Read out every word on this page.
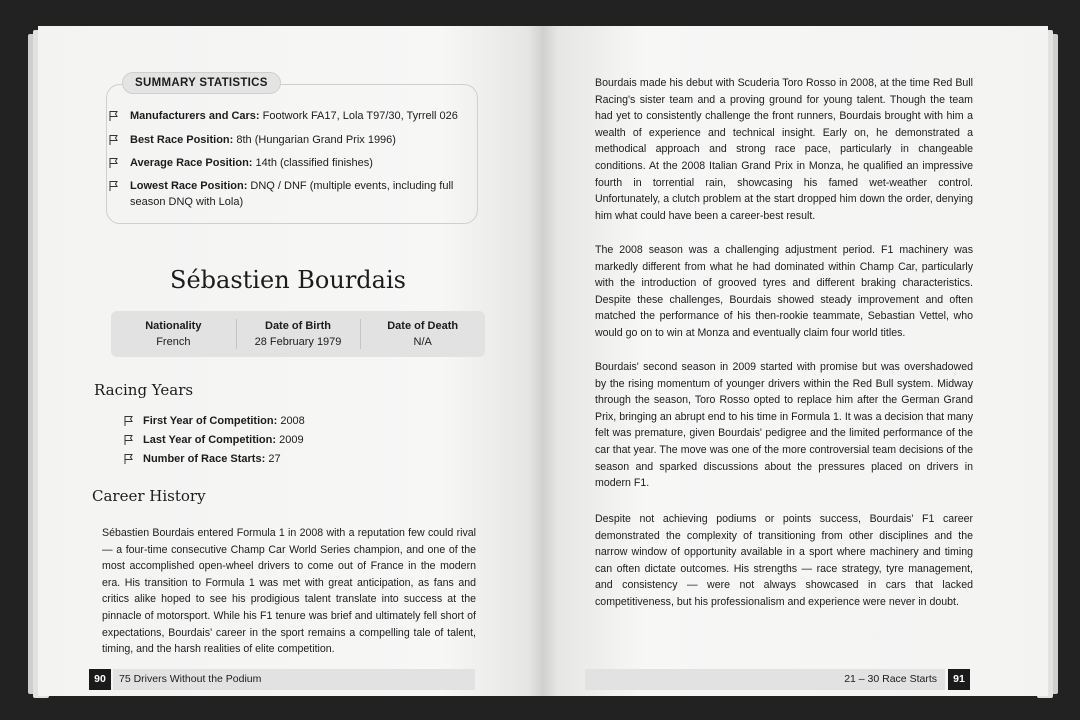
SUMMARY STATISTICS
Manufacturers and Cars: Footwork FA17, Lola T97/30, Tyrrell 026
Best Race Position: 8th (Hungarian Grand Prix 1996)
Average Race Position: 14th (classified finishes)
Lowest Race Position: DNQ / DNF (multiple events, including full season DNQ with Lola)
Sébastien Bourdais
Nationality
French
Date of Birth
28 February 1979
Date of Death
N/A
Racing Years
First Year of Competition: 2008
Last Year of Competition: 2009
Number of Race Starts: 27
Career History
Sébastien Bourdais entered Formula 1 in 2008 with a reputation few could rival — a four-time consecutive Champ Car World Series champion, and one of the most accomplished open-wheel drivers to come out of France in the modern era. His transition to Formula 1 was met with great anticipation, as fans and critics alike hoped to see his prodigious talent translate into success at the pinnacle of motorsport. While his F1 tenure was brief and ultimately fell short of expectations, Bourdais' career in the sport remains a compelling tale of talent, timing, and the harsh realities of elite competition.
90	75 Drivers Without the Podium
Bourdais made his debut with Scuderia Toro Rosso in 2008, at the time Red Bull Racing's sister team and a proving ground for young talent. Though the team had yet to consistently challenge the front runners, Bourdais brought with him a wealth of experience and technical insight. Early on, he demonstrated a methodical approach and strong race pace, particularly in changeable conditions. At the 2008 Italian Grand Prix in Monza, he qualified an impressive fourth in torrential rain, showcasing his famed wet-weather control. Unfortunately, a clutch problem at the start dropped him down the order, denying him what could have been a career-best result.
The 2008 season was a challenging adjustment period. F1 machinery was markedly different from what he had dominated within Champ Car, particularly with the introduction of grooved tyres and different braking characteristics. Despite these challenges, Bourdais showed steady improvement and often matched the performance of his then-rookie teammate, Sebastian Vettel, who would go on to win at Monza and eventually claim four world titles.
Bourdais' second season in 2009 started with promise but was overshadowed by the rising momentum of younger drivers within the Red Bull system. Midway through the season, Toro Rosso opted to replace him after the German Grand Prix, bringing an abrupt end to his time in Formula 1. It was a decision that many felt was premature, given Bourdais' pedigree and the limited performance of the car that year. The move was one of the more controversial team decisions of the season and sparked discussions about the pressures placed on drivers in modern F1.
Despite not achieving podiums or points success, Bourdais' F1 career demonstrated the complexity of transitioning from other disciplines and the narrow window of opportunity available in a sport where machinery and timing can often dictate outcomes. His strengths — race strategy, tyre management, and consistency — were not always showcased in cars that lacked competitiveness, but his professionalism and experience were never in doubt.
21 – 30 Race Starts	91
